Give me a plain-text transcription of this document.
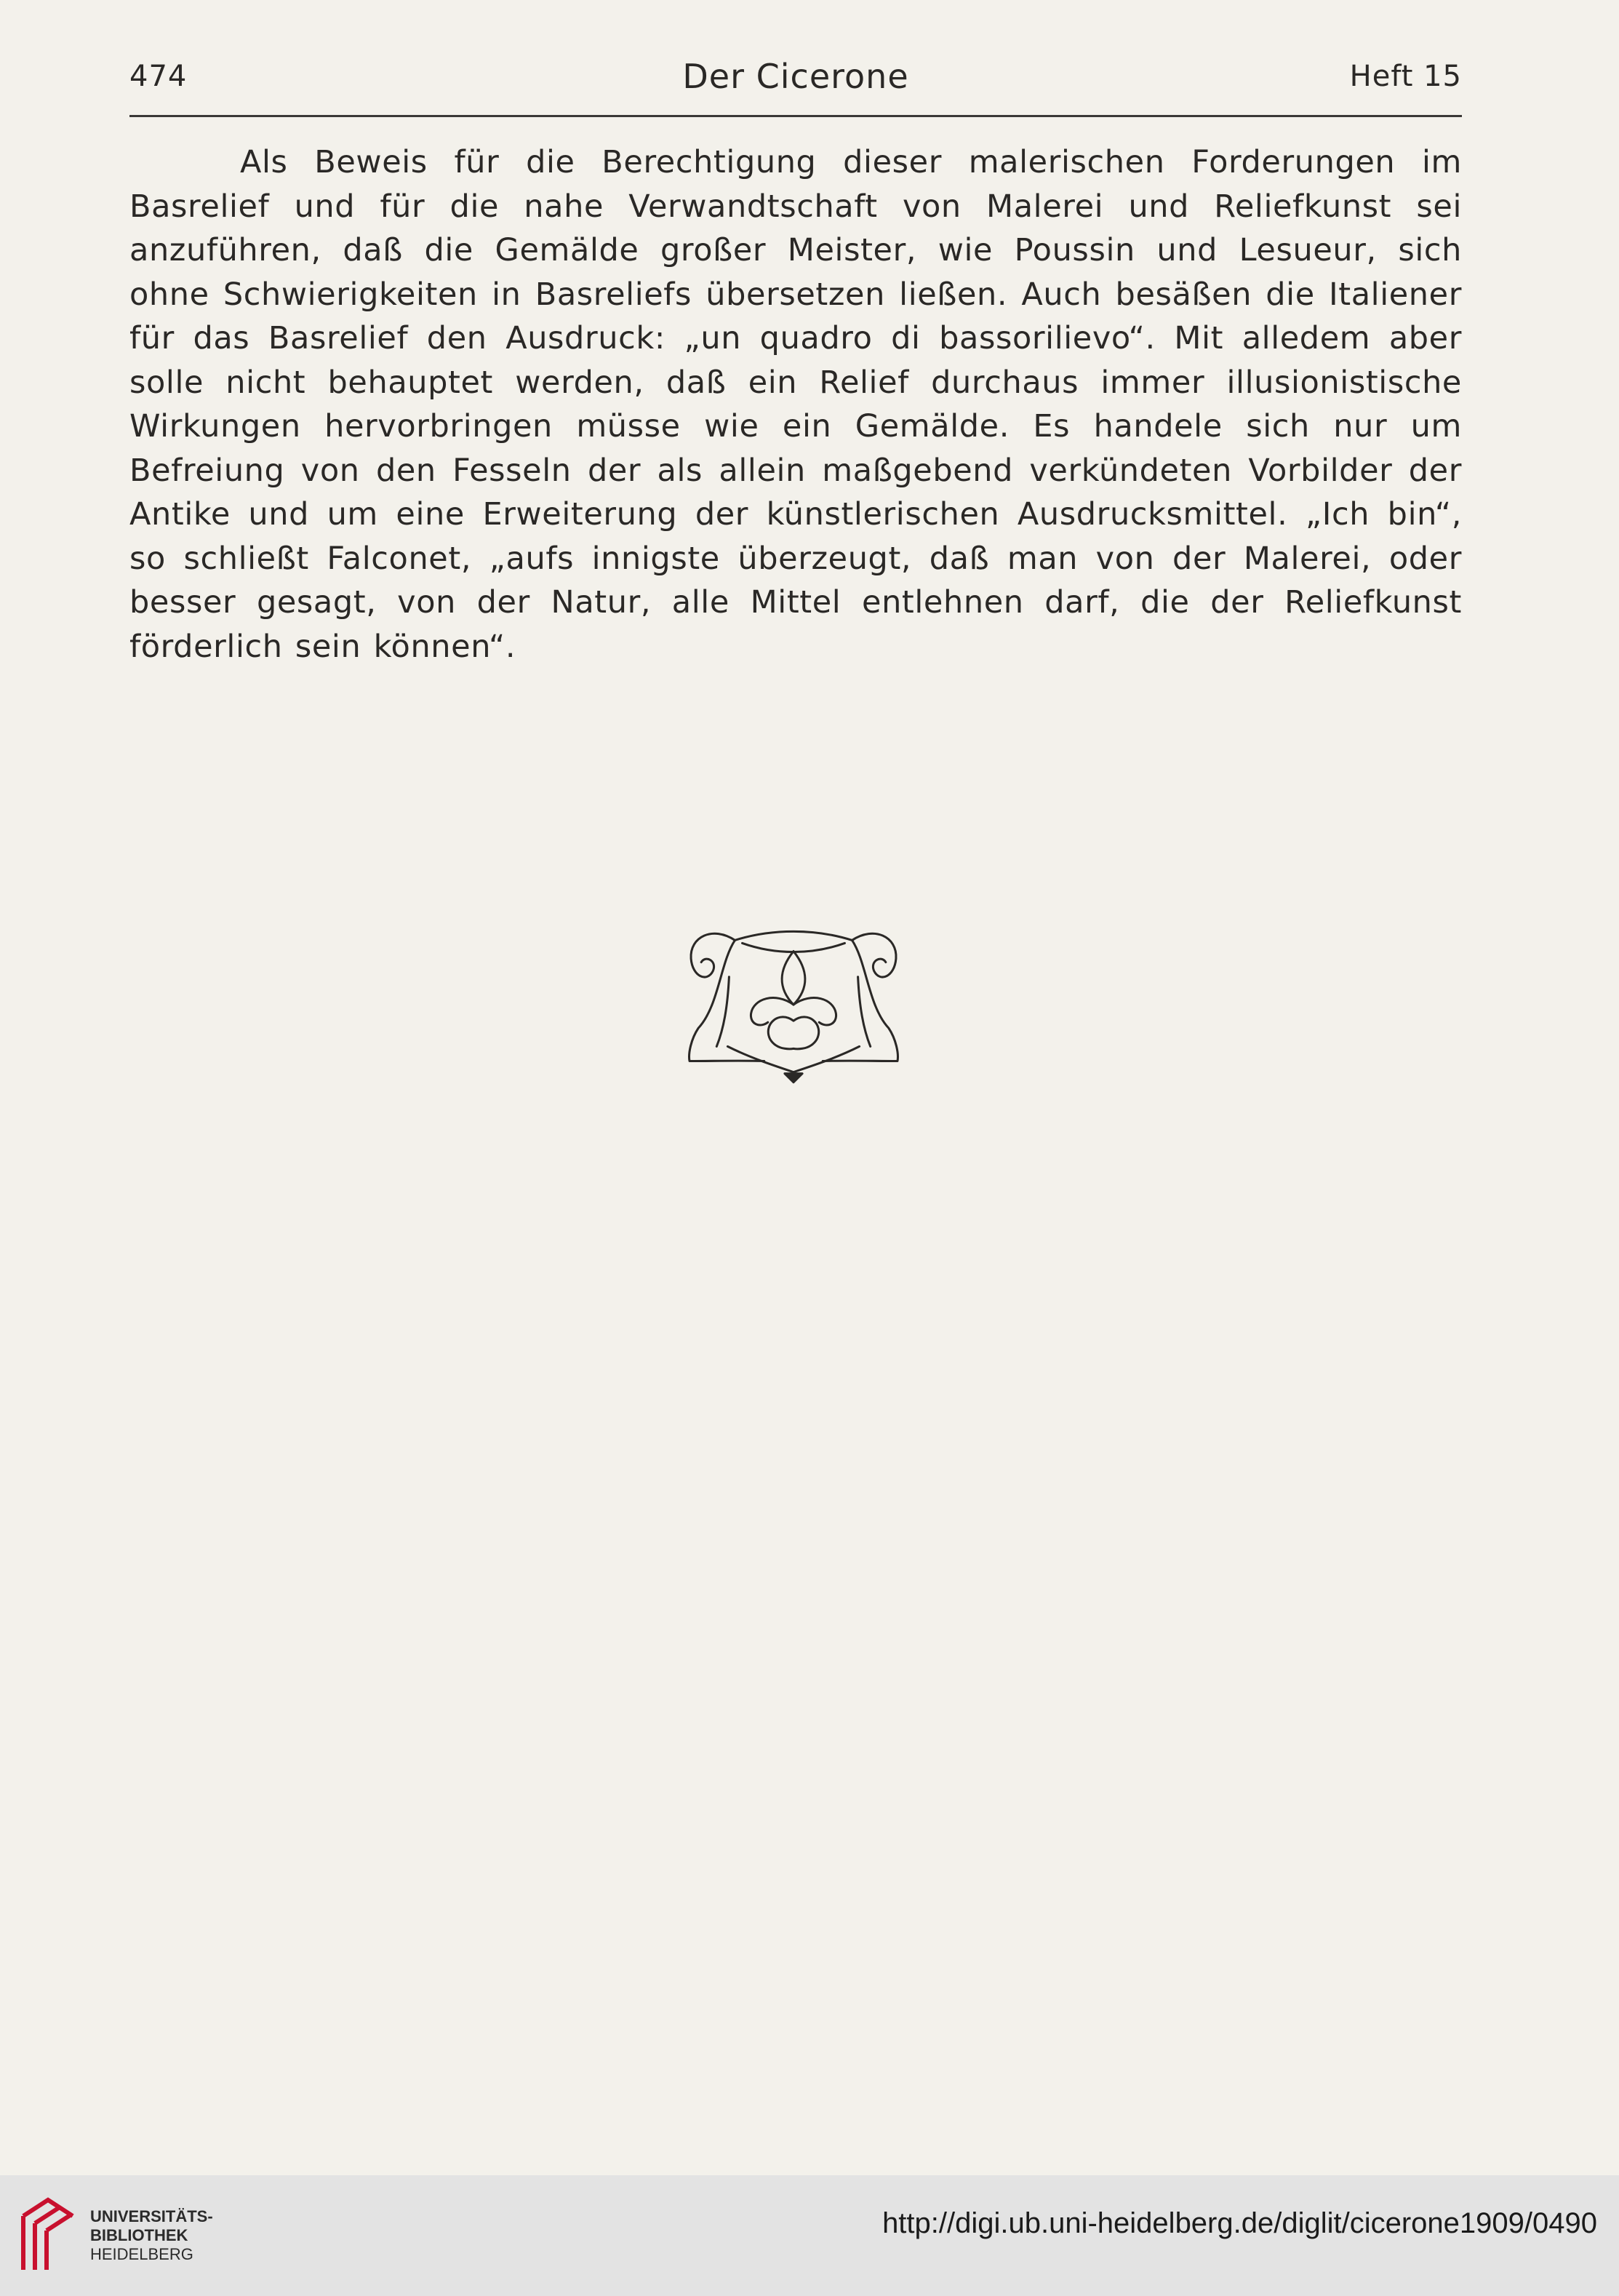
474	Der Cicerone	Heft 15

Als Beweis für die Berechtigung dieser malerischen Forderungen im Basrelief und für die nahe Verwandtschaft von Malerei und Reliefkunst sei anzuführen, daß die Gemälde großer Meister, wie Poussin und Lesueur, sich ohne Schwierigkeiten in Basreliefs übersetzen ließen. Auch besäßen die Italiener für das Basrelief den Ausdruck: „un quadro di bassorilievo“. Mit alledem aber solle nicht behauptet werden, daß ein Relief durchaus immer illusionistische Wirkungen hervorbringen müsse wie ein Gemälde. Es handele sich nur um Befreiung von den Fesseln der als allein maßgebend verkündeten Vorbilder der Antike und um eine Erweiterung der künstlerischen Ausdrucksmittel. „Ich bin“, so schließt Falconet, „aufs innigste überzeugt, daß man von der Malerei, oder besser gesagt, von der Natur, alle Mittel entlehnen darf, die der Reliefkunst förderlich sein können“.

UNIVERSITÄTS-
BIBLIOTHEK
HEIDELBERG
http://digi.ub.uni-heidelberg.de/diglit/cicerone1909/0490
